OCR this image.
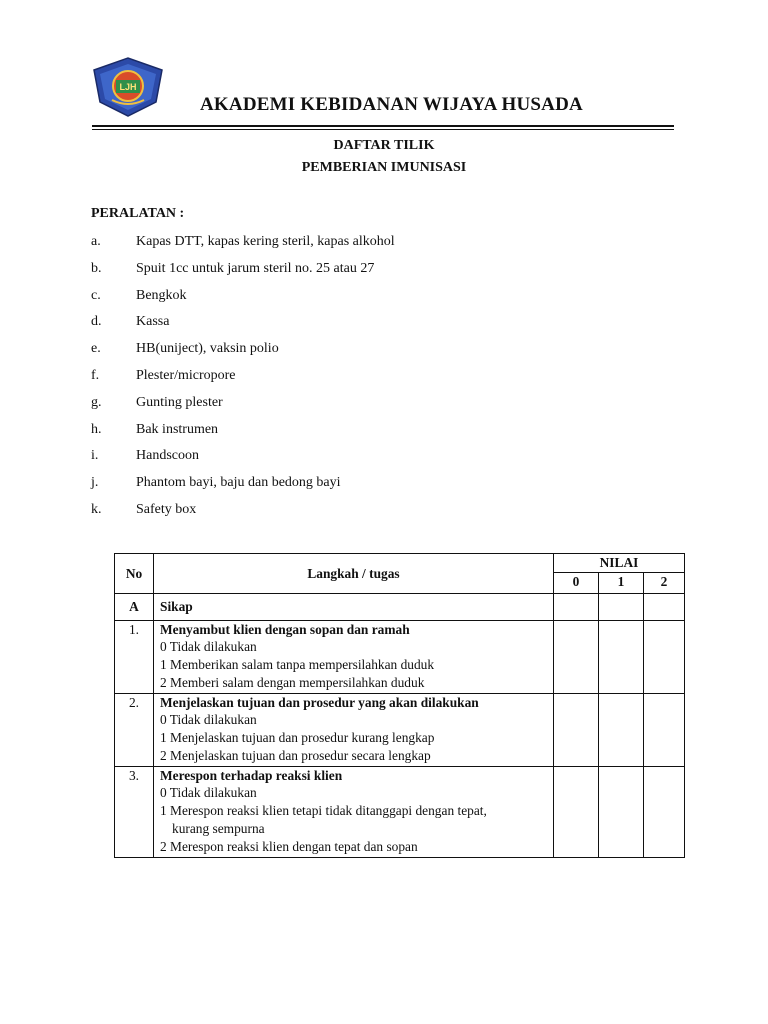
LJH
AKADEMI KEBIDANAN WIJAYA HUSADA
DAFTAR TILIK
PEMBERIAN IMUNISASI
PERALATAN :
a.	Kapas DTT, kapas kering steril, kapas alkohol
b.	Spuit 1cc untuk jarum steril no. 25 atau 27
c.	Bengkok
d.	Kassa
e.	HB(uniject), vaksin polio
f.	Plester/micropore
g.	Gunting plester
h.	Bak instrumen
i.	Handscoon
j.	Phantom bayi, baju dan bedong bayi
k.	Safety box
No	Langkah / tugas	NILAI		
		0	1	2
A	Sikap			
1.	Menyambut klien dengan sopan dan ramah
0 Tidak dilakukan
1 Memberikan salam tanpa mempersilahkan duduk
2 Memberi salam dengan mempersilahkan duduk			

2.	Menjelaskan tujuan dan prosedur yang akan dilakukan
0 Tidak dilakukan
1 Menjelaskan tujuan dan prosedur kurang lengkap
2 Menjelaskan tujuan dan prosedur secara lengkap			

3.	Merespon terhadap reaksi klien
0 Tidak dilakukan
1 Merespon reaksi klien tetapi tidak ditanggapi dengan tepat,
kurang sempurna
2 Merespon reaksi klien dengan tepat dan sopan			
